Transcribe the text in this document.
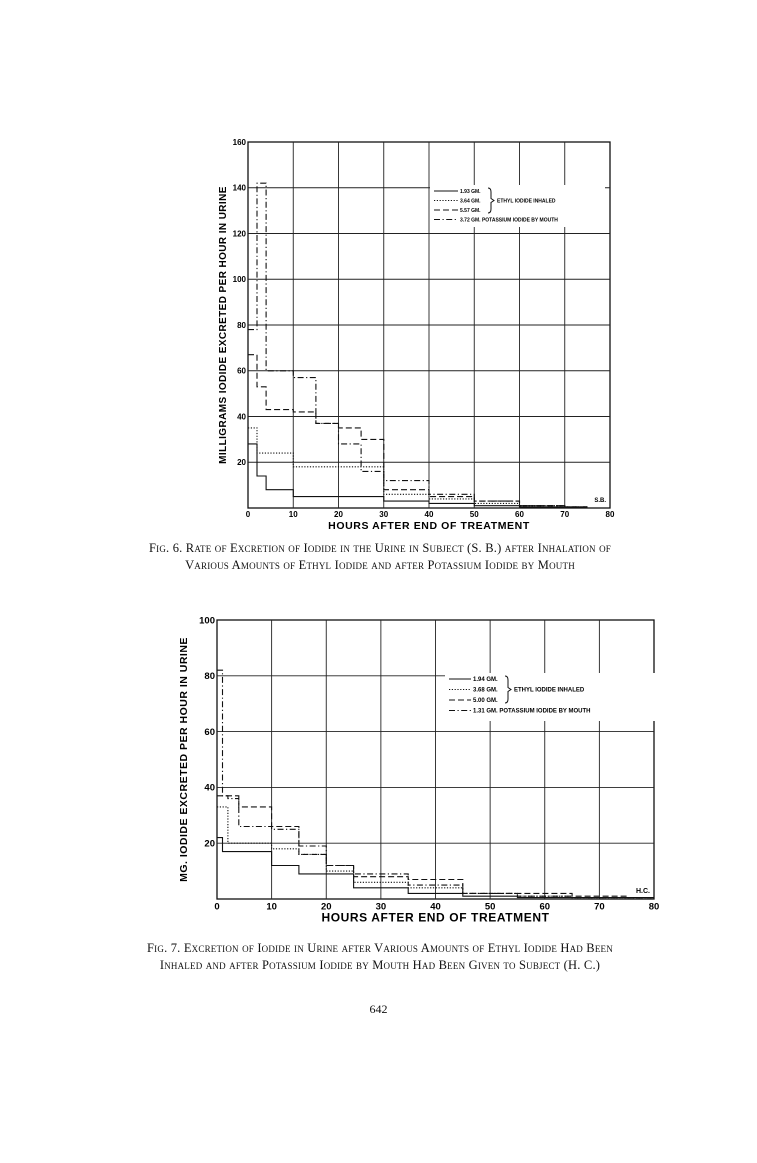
0	10	20	30	40	50	60	70	80
20
40
60
80
100
120
140
160
1.93 GM.
3.64 GM.
5.57 GM.
3.72 GM. POTASSIUM IODIDE BY MOUTH
ETHYL IODIDE INHALED
HOURS AFTER END OF TREATMENT
MILLIGRAMS IODIDE EXCRETED PER HOUR IN URINE
S.B.
Fig. 6. Rate of Excretion of Iodide in the Urine in Subject (S. B.) after Inhalation of Various Amounts of Ethyl Iodide and after Potassium Iodide by Mouth
0	10	20	30	40	50	60	70	80
20
40
60
80
100
1.94 GM.
3.68 GM.
5.00 GM.
1.31 GM. POTASSIUM IODIDE BY MOUTH
ETHYL IODIDE INHALED
HOURS AFTER END OF TREATMENT
MG. IODIDE EXCRETED PER HOUR IN URINE
H.C.
Fig. 7. Excretion of Iodide in Urine after Various Amounts of Ethyl Iodide Had Been Inhaled and after Potassium Iodide by Mouth Had Been Given to Subject (H. C.)
642
